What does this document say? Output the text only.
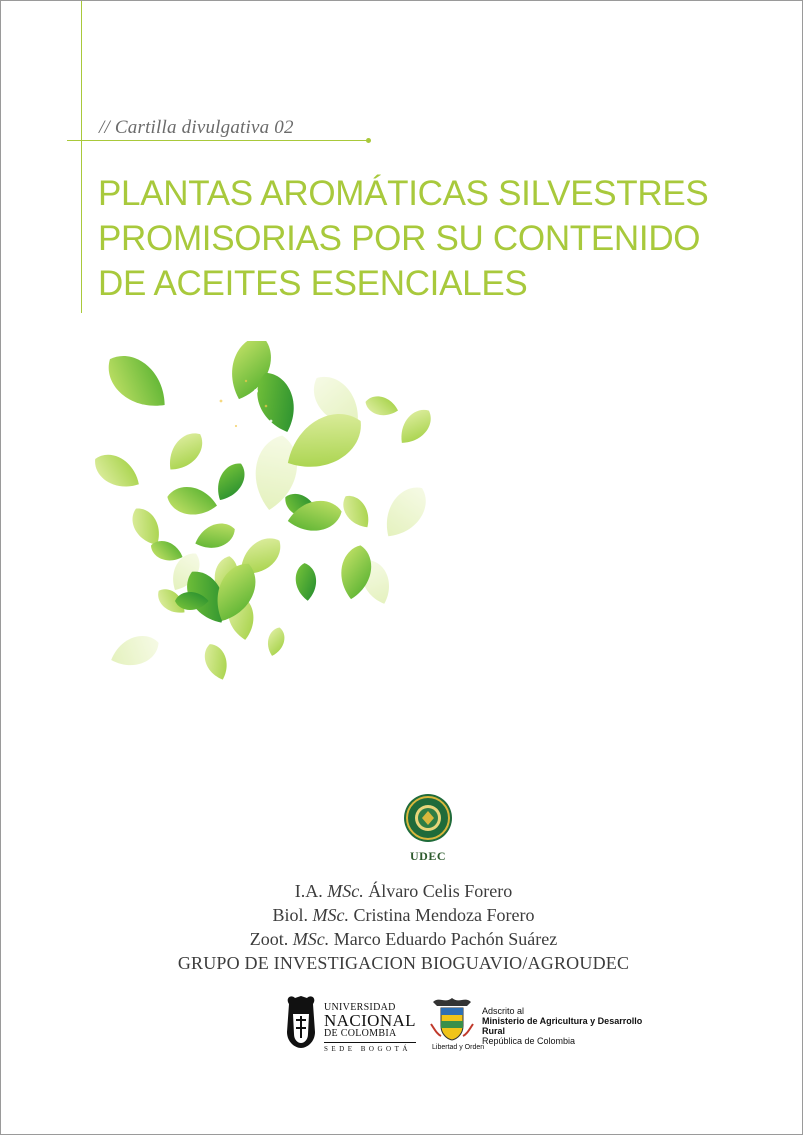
// Cartilla divulgativa 02
PLANTAS AROMÁTICAS SILVESTRES
PROMISORIAS POR SU CONTENIDO
DE ACEITES ESENCIALES
UDEC
I.A. MSc. Álvaro Celis Forero
Biol. MSc. Cristina Mendoza Forero
Zoot. MSc. Marco Eduardo Pachón Suárez
GRUPO DE INVESTIGACION BIOGUAVIO/AGROUDEC
UNIVERSIDAD
NACIONAL
DE COLOMBIA
SEDE BOGOTÁ	Libertad y Orden
Adscrito al
Ministerio de Agricultura y Desarrollo Rural
República de Colombia
